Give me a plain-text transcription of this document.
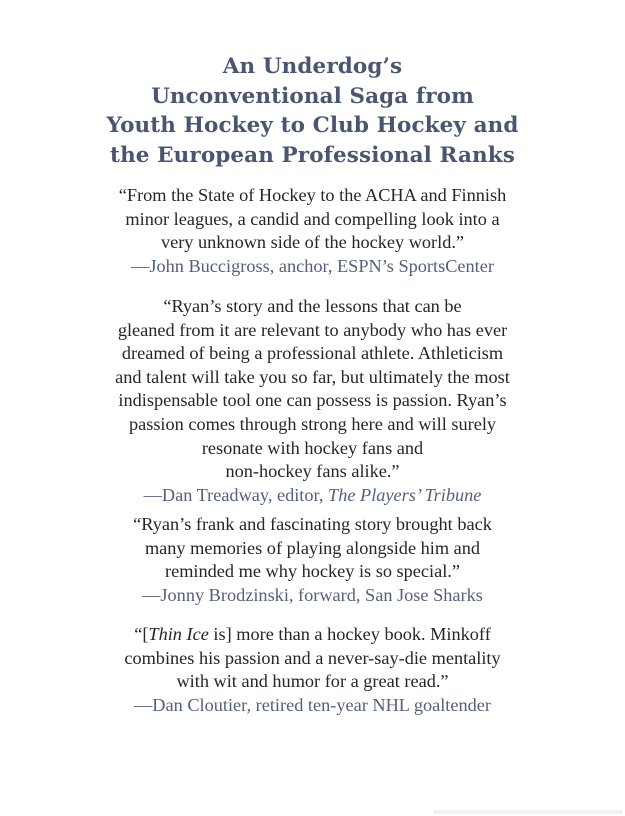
An Underdog’s
Unconventional Saga from
Youth Hockey to Club Hockey and
the European Professional Ranks
“From the State of Hockey to the ACHA and Finnish
minor leagues, a candid and compelling look into a
very unknown side of the hockey world.”
—John Buccigross, anchor, ESPN’s SportsCenter
“Ryan’s story and the lessons that can be
gleaned from it are relevant to anybody who has ever
dreamed of being a professional athlete. Athleticism
and talent will take you so far, but ultimately the most
indispensable tool one can possess is passion. Ryan’s
passion comes through strong here and will surely
resonate with hockey fans and
non-hockey fans alike.”
—Dan Treadway, editor, The Players’ Tribune
“Ryan’s frank and fascinating story brought back
many memories of playing alongside him and
reminded me why hockey is so special.”
—Jonny Brodzinski, forward, San Jose Sharks
“[Thin Ice is] more than a hockey book. Minkoff
combines his passion and a never-say-die mentality
with wit and humor for a great read.”
—Dan Cloutier, retired ten-year NHL goaltender
